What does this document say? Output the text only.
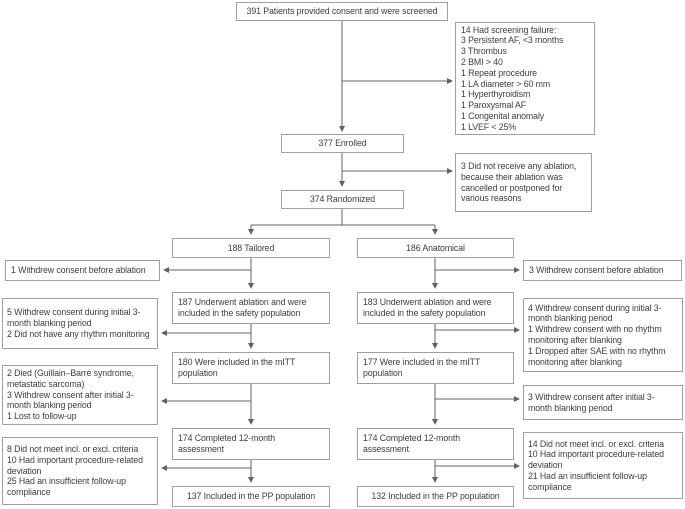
391 Patients provided consent and were screened
14 Had screening failure:
3 Persistent AF, <3 months
3 Thrombus
2 BMI > 40
1 Repeat procedure
1 LA diameter > 60 mm
1 Hyperthyroidism
1 Paroxysmal AF
1 Congenital anomaly
1 LVEF < 25%
377 Enrolled
3 Did not receive any ablation, because their ablation was cancelled or postponed for various reasons
374 Randomized
188 Tailored	186 Anatomical
1 Withdrew consent before ablation	3 Withdrew consent before ablation
187 Underwent ablation and were included in the safety population
183 Underwent ablation and were included in the safety population
5 Withdrew consent during initial 3-month blanking period
2 Did not have any rhythm monitoring
4 Withdrew consent during initial 3-month blanking period
1 Withdrew consent with no rhythm monitoring after blanking
1 Dropped after SAE with no rhythm monitoring after blanking
180 Were included in the mITT population
177 Were included in the mITT population
2 Died (Guillain–Barré syndrome, metastatic sarcoma)
3 Withdrew consent after initial 3-month blanking period
1 Lost to follow-up
3 Withdrew consent after initial 3-month blanking period
174 Completed 12-month assessment
174 Completed 12-month assessment
8 Did not meet incl. or excl. criteria
10 Had important procedure-related deviation
25 Had an insufficient follow-up compliance
14 Did not meet incl. or excl. criteria
10 Had important procedure-related deviation
21 Had an insufficient follow-up compliance
137 Included in the PP population	132 Included in the PP population
